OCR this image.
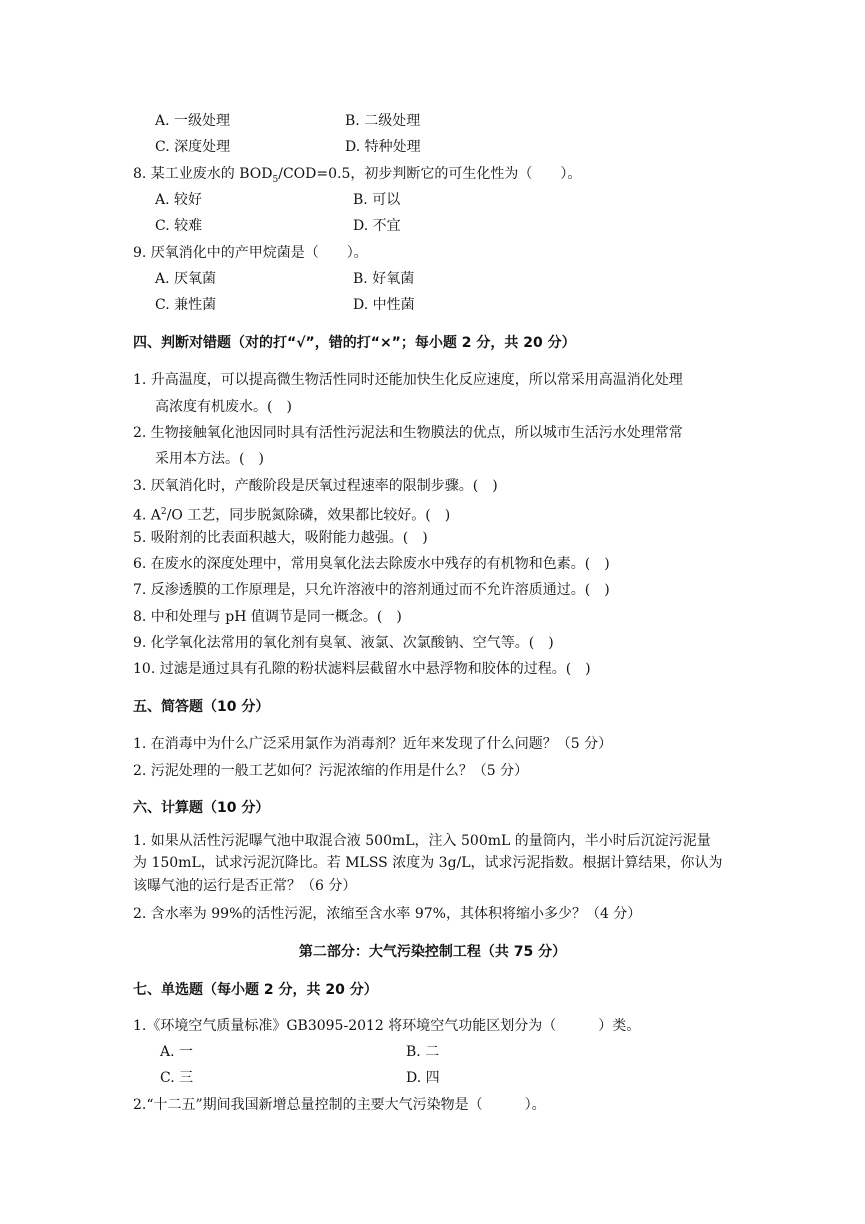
A. 一级处理	B. 二级处理
C. 深度处理	D. 特种处理
8. 某工业废水的 $BOD_5/COD=0.5$，初步判断它的可生化性为（　　）。
A. 较好	B. 可以
C. 较难	D. 不宜
9. 厌氧消化中的产甲烷菌是（　　）。
A. 厌氧菌	B. 好氧菌
C. 兼性菌	D. 中性菌
四、判断对错题（对的打“√”，错的打“×”；每小题 2 分，共 20 分）
1. 升高温度，可以提高微生物活性同时还能加快生化反应速度，所以常采用高温消化处理
高浓度有机废水。(　)
2. 生物接触氧化池因同时具有活性污泥法和生物膜法的优点，所以城市生活污水处理常常
采用本方法。(　)
3. 厌氧消化时，产酸阶段是厌氧过程速率的限制步骤。(　)
4. $A^2/O$ 工艺，同步脱氮除磷，效果都比较好。(　)
5. 吸附剂的比表面积越大，吸附能力越强。(　)
6. 在废水的深度处理中，常用臭氧化法去除废水中残存的有机物和色素。(　)
7. 反渗透膜的工作原理是，只允许溶液中的溶剂通过而不允许溶质通过。(　)
8. 中和处理与 pH 值调节是同一概念。(　)
9. 化学氧化法常用的氧化剂有臭氧、液氯、次氯酸钠、空气等。(　)
10. 过滤是通过具有孔隙的粉状滤料层截留水中悬浮物和胶体的过程。(　)
五、简答题（10 分）
1. 在消毒中为什么广泛采用氯作为消毒剂？近年来发现了什么问题？（5 分）
2. 污泥处理的一般工艺如何？污泥浓缩的作用是什么？（5 分）
六、计算题（10 分）
1. 如果从活性污泥曝气池中取混合液 500mL，注入 500mL 的量筒内，半小时后沉淀污泥量
为 150mL，试求污泥沉降比。若 MLSS 浓度为 3g/L，试求污泥指数。根据计算结果，你认为
该曝气池的运行是否正常？（6 分）
2. 含水率为 99%的活性污泥，浓缩至含水率 97%，其体积将缩小多少？（4 分）
第二部分：大气污染控制工程（共 75 分）
七、单选题（每小题 2 分，共 20 分）
1.《环境空气质量标准》GB3095-2012 将环境空气功能区划分为（　　　）类。
A. 一	B. 二
C. 三	D. 四
2.“十二五”期间我国新增总量控制的主要大气污染物是（　　　）。
